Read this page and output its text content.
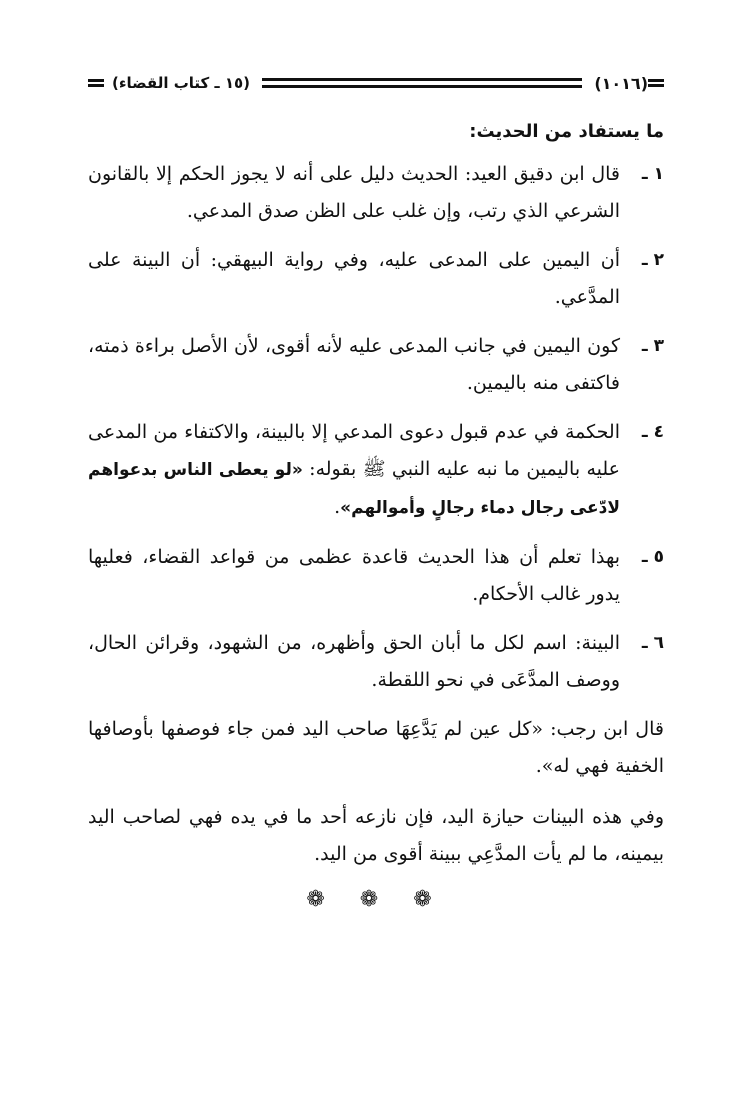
(١٠١٦)
(١٥ ـ كتاب القضاء)
ما يستفاد من الحديث:
١ ـ
قال ابن دقيق العيد: الحديث دليل على أنه لا يجوز الحكم إلا بالقانون الشرعي الذي رتب، وإن غلب على الظن صدق المدعي.
٢ ـ
أن اليمين على المدعى عليه، وفي رواية البيهقي: أن البينة على المدَّعي.
٣ ـ
كون اليمين في جانب المدعى عليه لأنه أقوى، لأن الأصل براءة ذمته، فاكتفى منه باليمين.
٤ ـ
الحكمة في عدم قبول دعوى المدعي إلا بالبينة، والاكتفاء من المدعى عليه باليمين ما نبه عليه النبي ﷺ بقوله: «لو يعطى الناس بدعواهم لادّعى رجال دماء رجالٍ وأموالهم».
٥ ـ
بهذا تعلم أن هذا الحديث قاعدة عظمى من قواعد القضاء، فعليها يدور غالب الأحكام.
٦ ـ
البينة: اسم لكل ما أبان الحق وأظهره، من الشهود، وقرائن الحال، ووصف المدَّعَى في نحو اللقطة.

قال ابن رجب: «كل عين لم يَدَّعِهَا صاحب اليد فمن جاء فوصفها بأوصافها الخفية فهي له».

وفي هذه البينات حيازة اليد، فإن نازعه أحد ما في يده فهي لصاحب اليد بيمينه، ما لم يأت المدَّعِي ببينة أقوى من اليد.

❁ ❁ ❁
